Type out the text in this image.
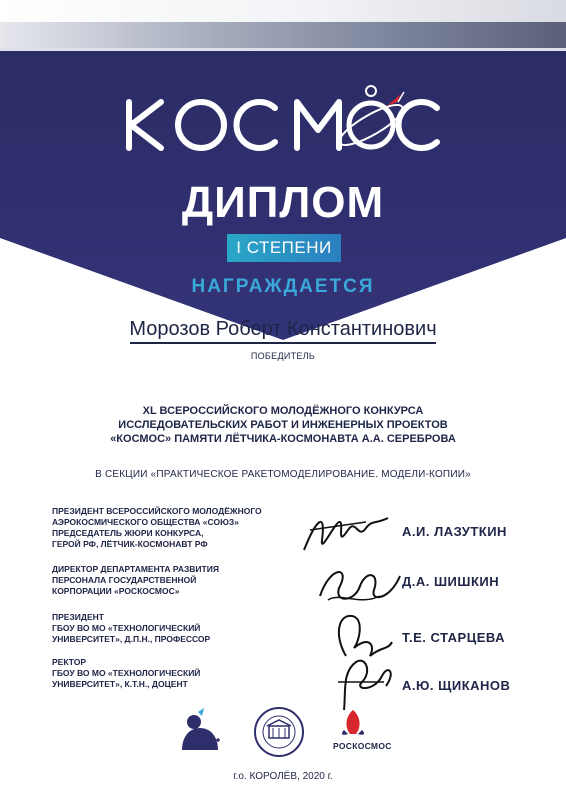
ДИПЛОМ
I СТЕПЕНИ
НАГРАЖДАЕТСЯ
Морозов Роберт Константинович
ПОБЕДИТЕЛЬ
XL ВСЕРОССИЙСКОГО МОЛОДЁЖНОГО КОНКУРСА
ИССЛЕДОВАТЕЛЬСКИХ РАБОТ И ИНЖЕНЕРНЫХ ПРОЕКТОВ
«КОСМОС» ПАМЯТИ ЛЁТЧИКА-КОСМОНАВТА А.А. СЕРЕБРОВА
В СЕКЦИИ «ПРАКТИЧЕСКОЕ РАКЕТОМОДЕЛИРОВАНИЕ. МОДЕЛИ-КОПИИ»
ПРЕЗИДЕНТ ВСЕРОССИЙСКОГО МОЛОДЁЖНОГО
АЭРОКОСМИЧЕСКОГО ОБЩЕСТВА «СОЮЗ»
ПРЕДСЕДАТЕЛЬ ЖЮРИ КОНКУРСА,
ГЕРОЙ РФ, ЛЁТЧИК-КОСМОНАВТ РФ
А.И. ЛАЗУТКИН
ДИРЕКТОР ДЕПАРТАМЕНТА РАЗВИТИЯ
ПЕРСОНАЛА ГОСУДАРСТВЕННОЙ
КОРПОРАЦИИ «РОСКОСМОС»
Д.А. ШИШКИН
ПРЕЗИДЕНТ
ГБОУ ВО МО «ТЕХНОЛОГИЧЕСКИЙ
УНИВЕРСИТЕТ», Д.П.Н., ПРОФЕССОР	Т.Е. СТАРЦЕВА
РЕКТОР
ГБОУ ВО МО «ТЕХНОЛОГИЧЕСКИЙ
УНИВЕРСИТЕТ», К.Т.Н., ДОЦЕНТ	А.Ю. ЩИКАНОВ
РОСКОСМОС
г.о. КОРОЛЁВ, 2020 г.
